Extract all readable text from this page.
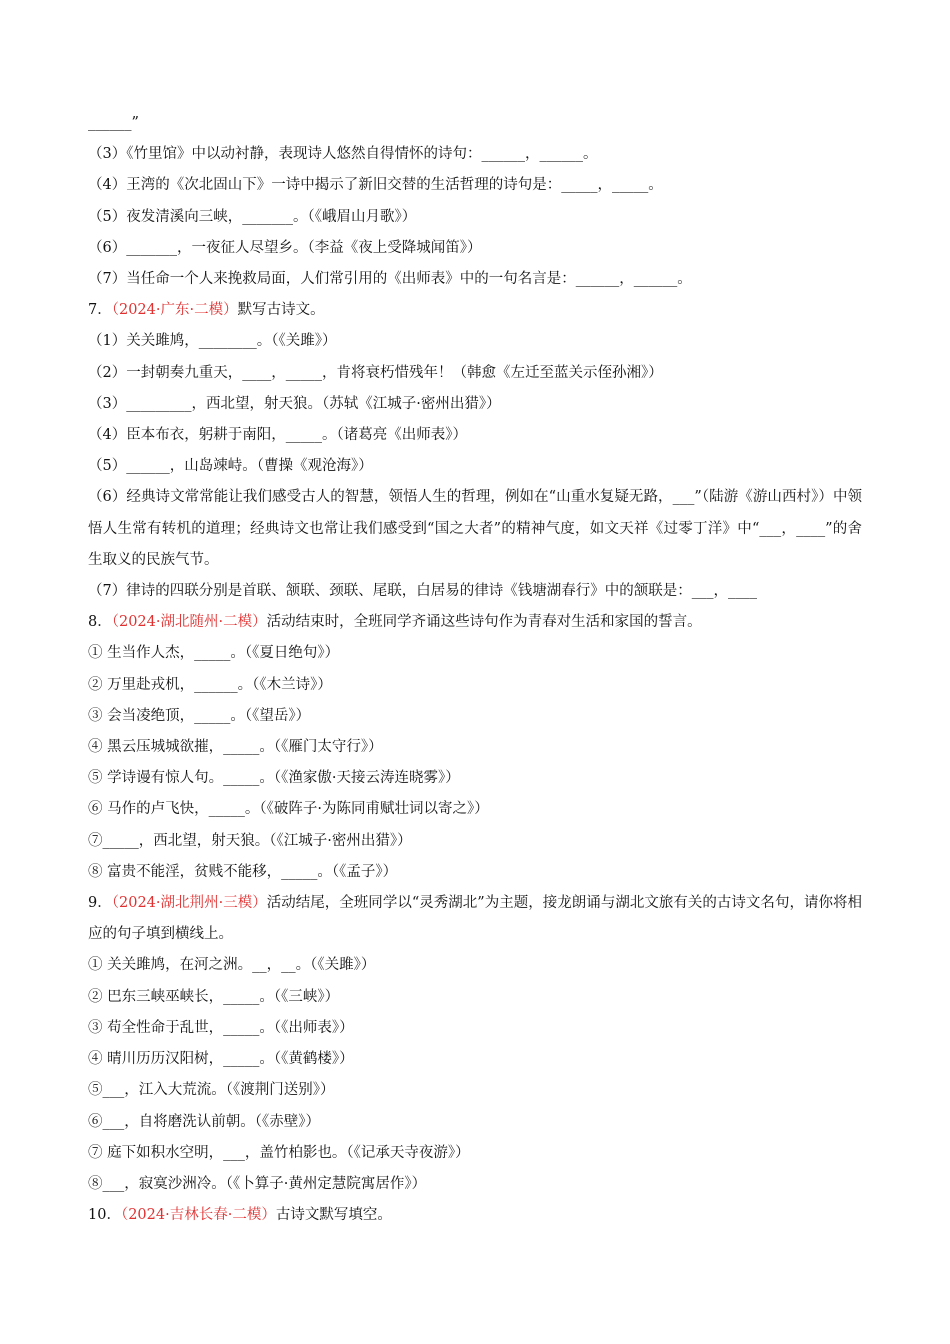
______”
（3）《竹里馆》中以动衬静，表现诗人悠然自得情怀的诗句：______，______。
（4）王湾的《次北固山下》一诗中揭示了新旧交替的生活哲理的诗句是：_____，_____。
（5）夜发清溪向三峡，_______。（《峨眉山月歌》）
（6）_______，一夜征人尽望乡。（李益《夜上受降城闻笛》）
（7）当任命一个人来挽救局面，人们常引用的《出师表》中的一句名言是：______，______。
7．（2024·广东·二模）默写古诗文。
（1）关关雎鸠，________。（《关雎》）
（2）一封朝奏九重天，____，_____，肯将衰朽惜残年！（韩愈《左迁至蓝关示侄孙湘》）
（3）_________，西北望，射天狼。（苏轼《江城子·密州出猎》）
（4）臣本布衣，躬耕于南阳，_____。（诸葛亮《出师表》）
（5）______，山岛竦峙。（曹操《观沧海》）
（6）经典诗文常常能让我们感受古人的智慧，领悟人生的哲理，例如在“山重水复疑无路，___”（陆游《游山西村》）中领悟人生常有转机的道理；经典诗文也常让我们感受到“国之大者”的精神气度，如文天祥《过零丁洋》中“___，____”的舍生取义的民族气节。
（7）律诗的四联分别是首联、颔联、颈联、尾联，白居易的律诗《钱塘湖春行》中的颔联是：___，____
8．（2024·湖北随州·二模）活动结束时，全班同学齐诵这些诗句作为青春对生活和家国的誓言。
① 生当作人杰，_____。（《夏日绝句》）
② 万里赴戎机，______。（《木兰诗》）
③ 会当凌绝顶，_____。（《望岳》）
④ 黑云压城城欲摧，_____。（《雁门太守行》）
⑤ 学诗谩有惊人句。_____。（《渔家傲·天接云涛连晓雾》）
⑥ 马作的卢飞快，_____。（《破阵子·为陈同甫赋壮词以寄之》）
⑦_____，西北望，射天狼。（《江城子·密州出猎》）
⑧ 富贵不能淫，贫贱不能移，_____。（《孟子》）
9．（2024·湖北荆州·三模）活动结尾，全班同学以“灵秀湖北”为主题，接龙朗诵与湖北文旅有关的古诗文名句，请你将相应的句子填到横线上。
① 关关雎鸠，在河之洲。__，__。（《关雎》）
② 巴东三峡巫峡长，_____。（《三峡》）
③ 苟全性命于乱世，_____。（《出师表》）
④ 晴川历历汉阳树，_____。（《黄鹤楼》）
⑤___，江入大荒流。（《渡荆门送别》）
⑥___，自将磨洗认前朝。（《赤壁》）
⑦ 庭下如积水空明，___，盖竹柏影也。（《记承天寺夜游》）
⑧___，寂寞沙洲冷。（《卜算子·黄州定慧院寓居作》）
10．（2024·吉林长春·二模）古诗文默写填空。
